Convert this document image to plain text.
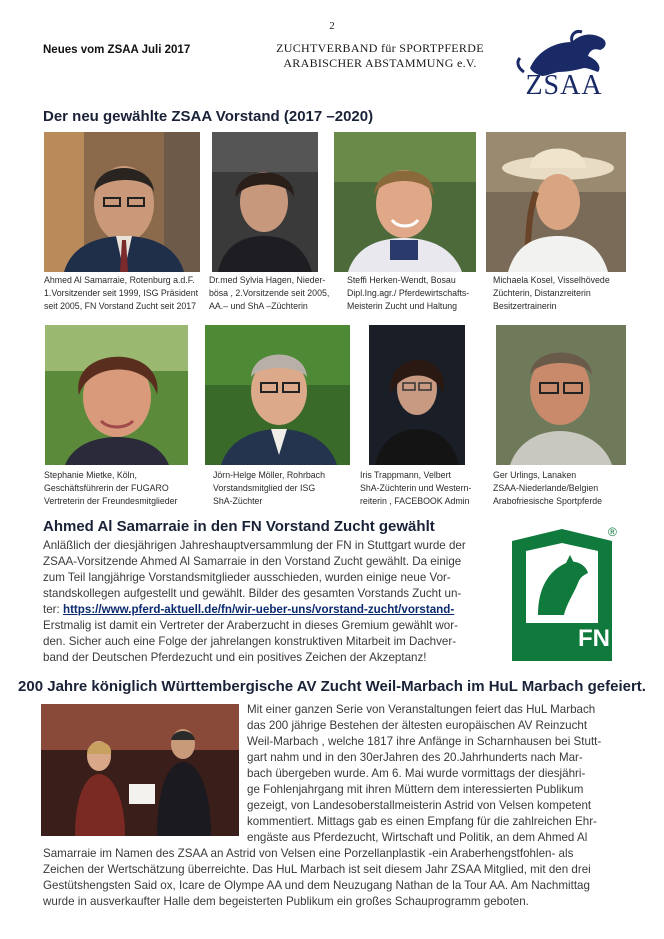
2
Neues vom ZSAA Juli 2017	ZUCHTVERBAND für SPORTPFERDE
ARABISCHER ABSTAMMUNG e.V.
ZSAA
Der neu gewählte ZSAA Vorstand (2017 –2020)
Ahmed Al Samarraie, Rotenburg a.d.F.
1.Vorsitzender seit 1999, ISG Präsident
seit 2005, FN Vorstand Zucht seit 2017
Dr.med Sylvia Hagen, Nieder-
bösa , 2.Vorsitzende seit 2005,
AA.– und ShA –Züchterin
Steffi Herken-Wendt, Bosau
Dipl.Ing.agr./ Pferdewirtschafts-
Meisterin Zucht und Haltung
Michaela Kosel, Visselhövede
Züchterin, Distanzreiterin
Besitzertrainerin
Stephanie Mietke, Köln,
Geschäftsführerin der FUGARO
Vertreterin der Freundesmitglieder
Jörn-Helge Möller, Rohrbach
Vorstandsmitglied der ISG
ShA-Züchter
Iris Trappmann, Velbert
ShA-Züchterin und Western-
reiterin , FACEBOOK Admin
Ger Urlings, Lanaken
ZSAA-Niederlande/Belgien
Arabofriesische Sportpferde
Ahmed Al Samarraie in den FN Vorstand Zucht gewählt
Anläßlich der diesjährigen Jahreshauptversammlung der FN in Stuttgart wurde der
ZSAA-Vorsitzende Ahmed Al Samarraie in den Vorstand Zucht gewählt. Da einige
zum Teil langjährige Vorstandsmitglieder ausschieden, wurden einige neue Vor-
standskollegen aufgestellt und gewählt. Bilder des gesamten Vorstands Zucht un-
ter: https://www.pferd-aktuell.de/fn/wir-ueber-uns/vorstand-zucht/vorstand-
Erstmalig ist damit ein Vertreter der Araberzucht in dieses Gremium gewählt wor-
den. Sicher auch eine Folge der jahrelangen konstruktiven Mitarbeit im Dachver-
band der Deutschen Pferdezucht und ein positives Zeichen der Akzeptanz!
FN
®
200 Jahre königlich Württembergische AV Zucht Weil-Marbach im HuL Marbach gefeiert.
Mit einer ganzen Serie von Veranstaltungen feiert das HuL Marbach
das 200 jährige Bestehen der ältesten europäischen AV Reinzucht
Weil-Marbach , welche 1817 ihre Anfänge in Scharnhausen bei Stutt-
gart nahm und in den 30erJahren des 20.Jahrhunderts nach Mar-
bach übergeben wurde. Am 6. Mai wurde vormittags der diesjähri-
ge Fohlenjahrgang mit ihren Müttern dem interessierten Publikum
gezeigt, von Landesoberstallmeisterin Astrid von Velsen kompetent
kommentiert. Mittags gab es einen Empfang für die zahlreichen Ehr-
engäste aus Pferdezucht, Wirtschaft und Politik, an dem Ahmed Al
Samarraie im Namen des ZSAA an Astrid von Velsen eine Porzellanplastik -ein Araberhengstfohlen- als
Zeichen der Wertschätzung überreichte. Das HuL Marbach ist seit diesem Jahr ZSAA Mitglied, mit den drei
Gestütshengsten Said ox, Icare de Olympe AA und dem Neuzugang Nathan de la Tour AA. Am Nachmittag
wurde in ausverkaufter Halle dem begeisterten Publikum ein großes Schauprogramm geboten.
